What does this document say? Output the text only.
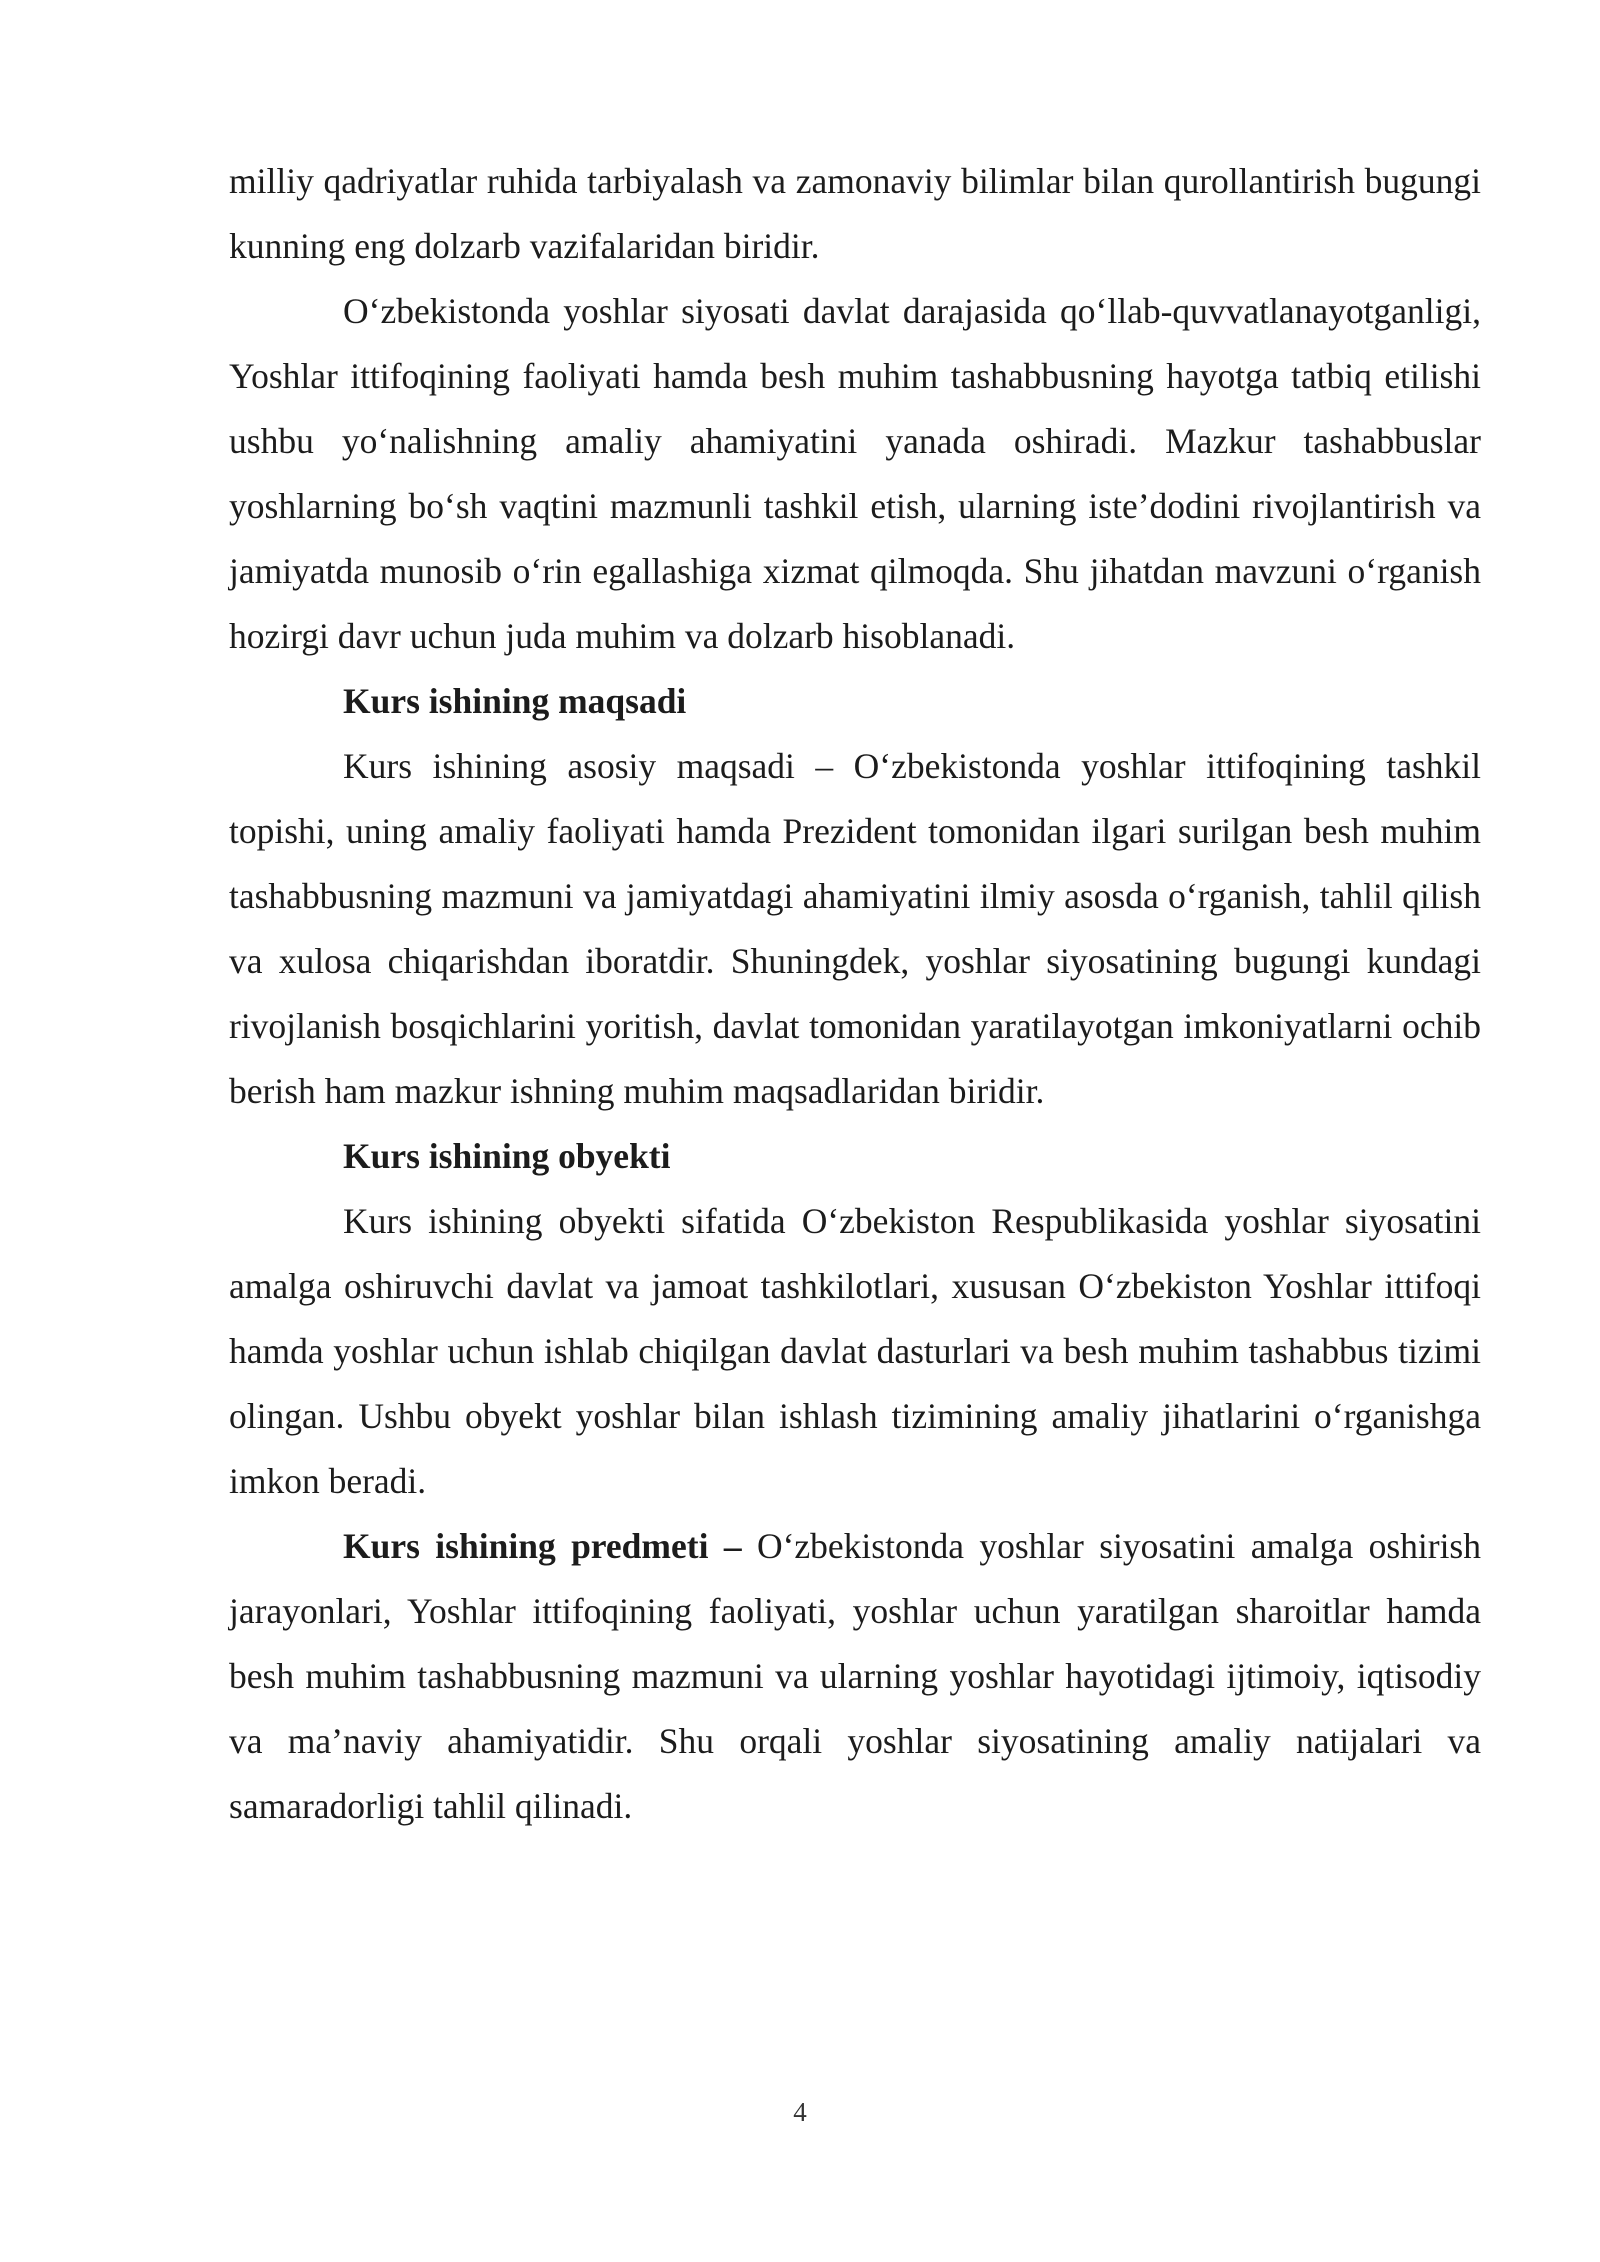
milliy qadriyatlar ruhida tarbiyalash va zamonaviy bilimlar bilan qurollantirish bugungi kunning eng dolzarb vazifalaridan biridir.

O‘zbekistonda yoshlar siyosati davlat darajasida qo‘llab-quvvatlanayotganligi, Yoshlar ittifoqining faoliyati hamda besh muhim tashabbusning hayotga tatbiq etilishi ushbu yo‘nalishning amaliy ahamiyatini yanada oshiradi. Mazkur tashabbuslar yoshlarning bo‘sh vaqtini mazmunli tashkil etish, ularning iste’dodini rivojlantirish va jamiyatda munosib o‘rin egallashiga xizmat qilmoqda. Shu jihatdan mavzuni o‘rganish hozirgi davr uchun juda muhim va dolzarb hisoblanadi.

Kurs ishining maqsadi

Kurs ishining asosiy maqsadi – O‘zbekistonda yoshlar ittifoqining tashkil topishi, uning amaliy faoliyati hamda Prezident tomonidan ilgari surilgan besh muhim tashabbusning mazmuni va jamiyatdagi ahamiyatini ilmiy asosda o‘rganish, tahlil qilish va xulosa chiqarishdan iboratdir. Shuningdek, yoshlar siyosatining bugungi kundagi rivojlanish bosqichlarini yoritish, davlat tomonidan yaratilayotgan imkoniyatlarni ochib berish ham mazkur ishning muhim maqsadlaridan biridir.

Kurs ishining obyekti

Kurs ishining obyekti sifatida O‘zbekiston Respublikasida yoshlar siyosatini amalga oshiruvchi davlat va jamoat tashkilotlari, xususan O‘zbekiston Yoshlar ittifoqi hamda yoshlar uchun ishlab chiqilgan davlat dasturlari va besh muhim tashabbus tizimi olingan. Ushbu obyekt yoshlar bilan ishlash tizimining amaliy jihatlarini o‘rganishga imkon beradi.

Kurs ishining predmeti – O‘zbekistonda yoshlar siyosatini amalga oshirish jarayonlari, Yoshlar ittifoqining faoliyati, yoshlar uchun yaratilgan sharoitlar hamda besh muhim tashabbusning mazmuni va ularning yoshlar hayotidagi ijtimoiy, iqtisodiy va ma’naviy ahamiyatidir. Shu orqali yoshlar siyosatining amaliy natijalari va samaradorligi tahlil qilinadi.

4
